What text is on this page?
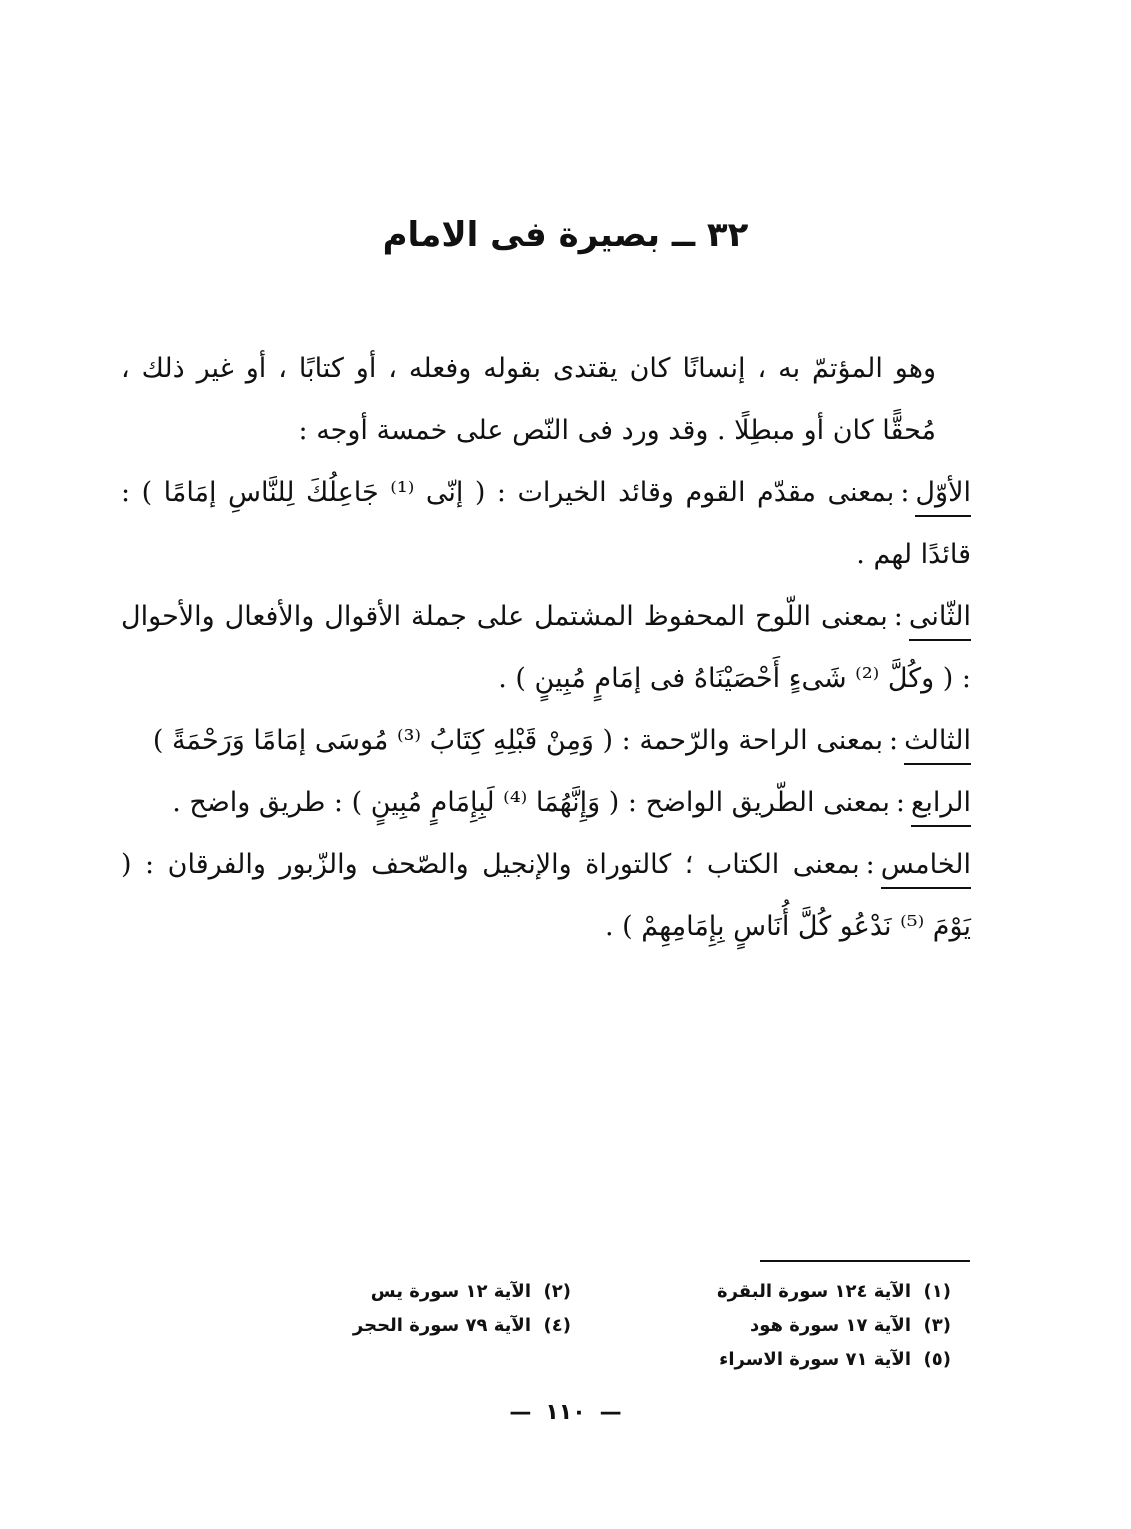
٣٢ ــ بصيرة فى الامام

وهو المؤتمّ به ، إنسانًا كان يقتدى بقوله وفعله ، أو كتابًا ، أو غير ذلك ، مُحقًّا كان أو مبطِلًا . وقد ورد فى النّص على خمسة أوجه :

الأوّل:بمعنى مقدّم القوم وقائد الخيرات : ( إنّى ⁽¹⁾ جَاعِلُكَ لِلنَّاسِ إمَامًا ) : قائدًا لهم .

الثّانى:بمعنى اللّوح المحفوظ المشتمل على جملة الأقوال والأفعال والأحوال : ( وكُلَّ ⁽²⁾ شَىءٍ أَحْصَيْنَاهُ فى إمَامٍ مُبِينٍ ) .

الثالث:بمعنى الراحة والرّحمة : ( وَمِنْ قَبْلِهِ كِتَابُ ⁽³⁾ مُوسَى إمَامًا وَرَحْمَةً )

الرابع:بمعنى الطّريق الواضح : ( وَإِنَّهُمَا ⁽⁴⁾ لَبِإِمَامٍ مُبِينٍ ) : طريق واضح .

الخامس:بمعنى الكتاب ؛ كالتوراة والإنجيل والصّحف والزّبور والفرقان : ( يَوْمَ ⁽⁵⁾ نَدْعُو كُلَّ أُنَاسٍ بِإِمَامِهِمْ ) .

(١)
الآية ١٢٤ سورة البقرة
(٢)
الآية ١٢ سورة يس
(٣)
الآية ١٧ سورة هود
(٤)
الآية ٧٩ سورة الحجر
(٥)
الآية ٧١ سورة الاسراء
—١١٠—
